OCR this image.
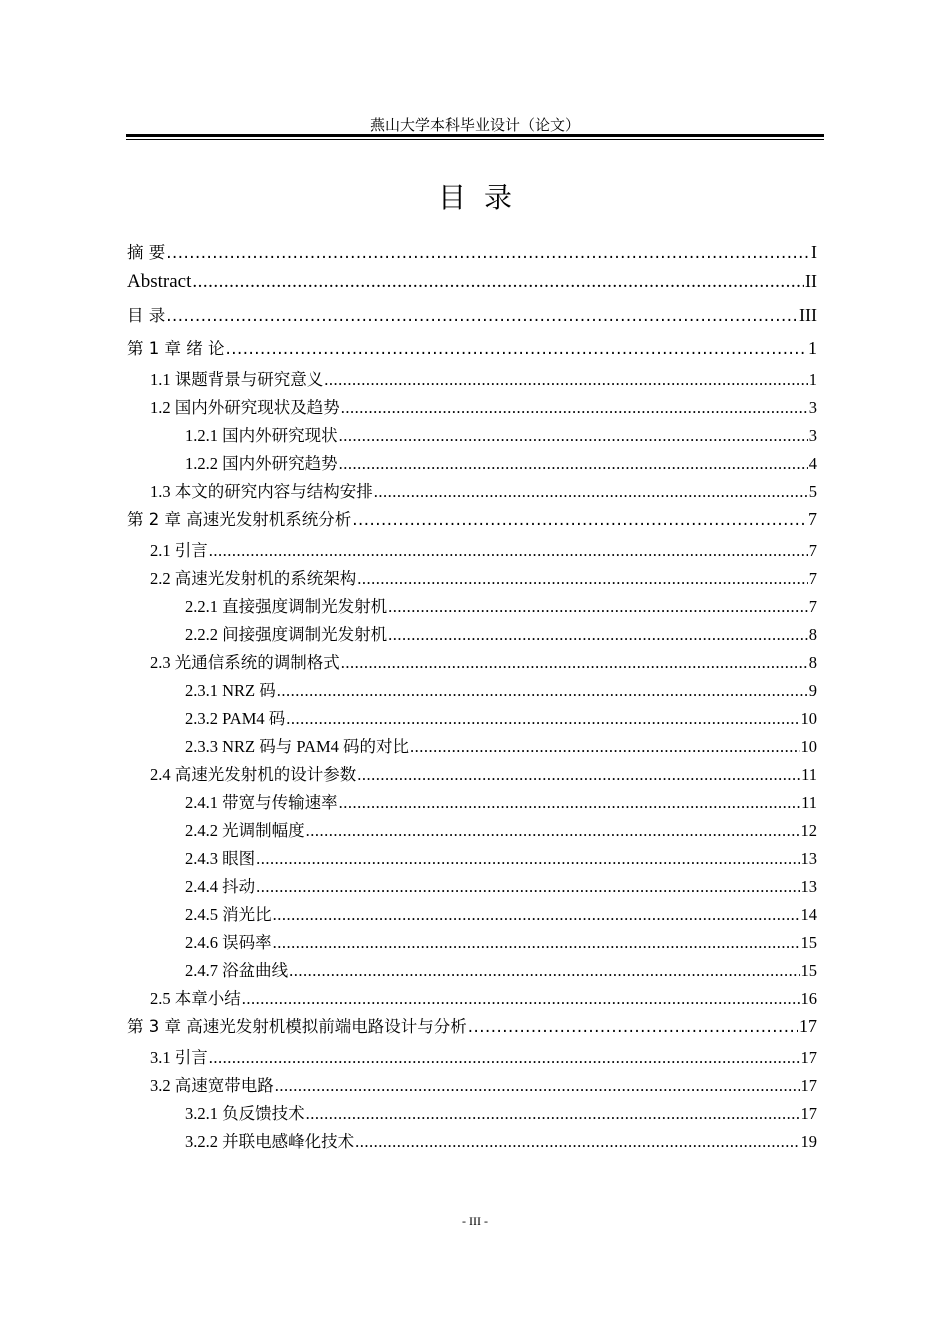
燕山大学本科毕业设计（论文）
目录
摘 要 .....	I
Abstract .....	II
目 录 .....	III
第 1 章 绪 论 .....	1
1.1 课题背景与研究意义 .....	1
1.2 国内外研究现状及趋势 .....	3
1.2.1 国内外研究现状 .....	3
1.2.2 国内外研究趋势 .....	4
1.3 本文的研究内容与结构安排 .....	5
第 2 章 高速光发射机系统分析 .....	7
2.1 引言 .....	7
2.2 高速光发射机的系统架构 .....	7
2.2.1 直接强度调制光发射机 .....	7
2.2.2 间接强度调制光发射机 .....	8
2.3 光通信系统的调制格式 .....	8
2.3.1 NRZ 码 .....	9
2.3.2 PAM4 码 .....	10
2.3.3 NRZ 码与 PAM4 码的对比 .....	10
2.4 高速光发射机的设计参数 .....	11
2.4.1 带宽与传输速率 .....	11
2.4.2 光调制幅度 .....	12
2.4.3 眼图 .....	13
2.4.4 抖动 .....	13
2.4.5 消光比 .....	14
2.4.6 误码率 .....	15
2.4.7 浴盆曲线 .....	15
2.5 本章小结 .....	16
第 3 章 高速光发射机模拟前端电路设计与分析 .....	17
3.1 引言 .....	17
3.2 高速宽带电路 .....	17
3.2.1 负反馈技术 .....	17
3.2.2 并联电感峰化技术 .....	19
- III -
